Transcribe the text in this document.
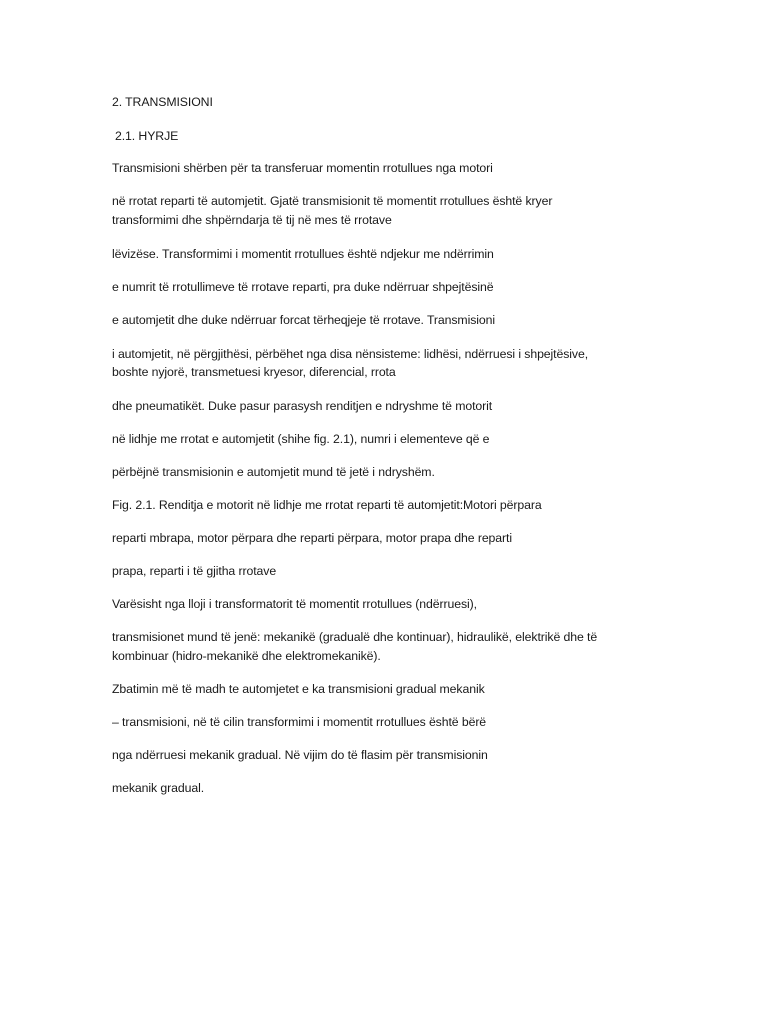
2. TRANSMISIONI

2.1. HYRJE

Transmisioni shërben për ta transferuar momentin rrotullues nga motori

në rrotat reparti të automjetit. Gjatë transmisionit të momentit rrotullues është kryer

transformimi dhe shpërndarja të tij në mes të rrotave

lëvizëse. Transformimi i momentit rrotullues është ndjekur me ndërrimin

e numrit të rrotullimeve të rrotave reparti, pra duke ndërruar shpejtësinë

e automjetit dhe duke ndërruar forcat tërheqjeje të rrotave. Transmisioni

i automjetit, në përgjithësi, përbëhet nga disa nënsisteme: lidhësi, ndërruesi i shpejtësive,

boshte nyjorë, transmetuesi kryesor, diferencial, rrota

dhe pneumatikët. Duke pasur parasysh renditjen e ndryshme të motorit

në lidhje me rrotat e automjetit (shihe fig. 2.1), numri i elementeve që e

përbëjnë transmisionin e automjetit mund të jetë i ndryshëm.

Fig. 2.1. Renditja e motorit në lidhje me rrotat reparti të automjetit:Motori përpara

reparti mbrapa, motor përpara dhe reparti përpara, motor prapa dhe reparti

prapa, reparti i të gjitha rrotave

Varësisht nga lloji i transformatorit të momentit rrotullues (ndërruesi),

transmisionet mund të jenë: mekanikë (gradualë dhe kontinuar), hidraulikë, elektrikë dhe të

kombinuar (hidro-mekanikë dhe elektromekanikë).

Zbatimin më të madh te automjetet e ka transmisioni gradual mekanik

– transmisioni, në të cilin transformimi i momentit rrotullues është bërë

nga ndërruesi mekanik gradual. Në vijim do të flasim për transmisionin

mekanik gradual.
